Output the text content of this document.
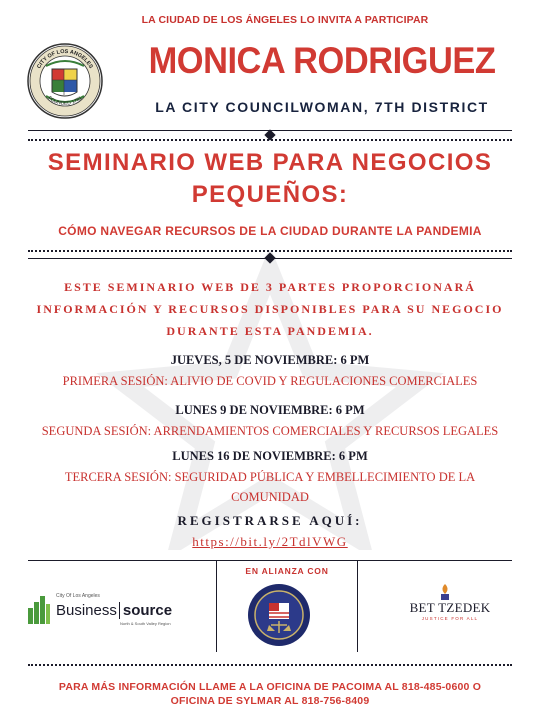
LA CIUDAD DE LOS ÁNGELES LO INVITA A PARTICIPAR
CITY OF LOS ANGELES
FOUNDED 1781
MONICA RODRIGUEZ
LA CITY COUNCILWOMAN, 7TH DISTRICT
SEMINARIO WEB PARA NEGOCIOS
PEQUEÑOS:
CÓMO NAVEGAR RECURSOS DE LA CIUDAD DURANTE LA PANDEMIA
ESTE SEMINARIO WEB DE 3 PARTES PROPORCIONARÁ
INFORMACIÓN Y RECURSOS DISPONIBLES PARA SU NEGOCIO
DURANTE ESTA PANDEMIA.
JUEVES, 5 DE NOVIEMBRE: 6 PM
PRIMERA SESIÓN: ALIVIO DE COVID Y REGULACIONES COMERCIALES
LUNES 9 DE NOVIEMBRE: 6 PM
SEGUNDA SESIÓN: ARRENDAMIENTOS COMERCIALES Y RECURSOS LEGALES
LUNES 16 DE NOVIEMBRE: 6 PM
TERCERA SESIÓN: SEGURIDAD PÚBLICA Y EMBELLECIMIENTO DE LA
COMUNIDAD
REGISTRARSE AQUÍ:
https://bit.ly/2TdlVWG
EN ALIANZA CON
City Of Los Angeles
Business source
North & South Valley Region
BET TZEDEK
JUSTICE FOR ALL
PARA MÁS INFORMACIÓN LLAME A LA OFICINA DE PACOIMA AL 818-485-0600 O
OFICINA DE SYLMAR AL 818-756-8409
